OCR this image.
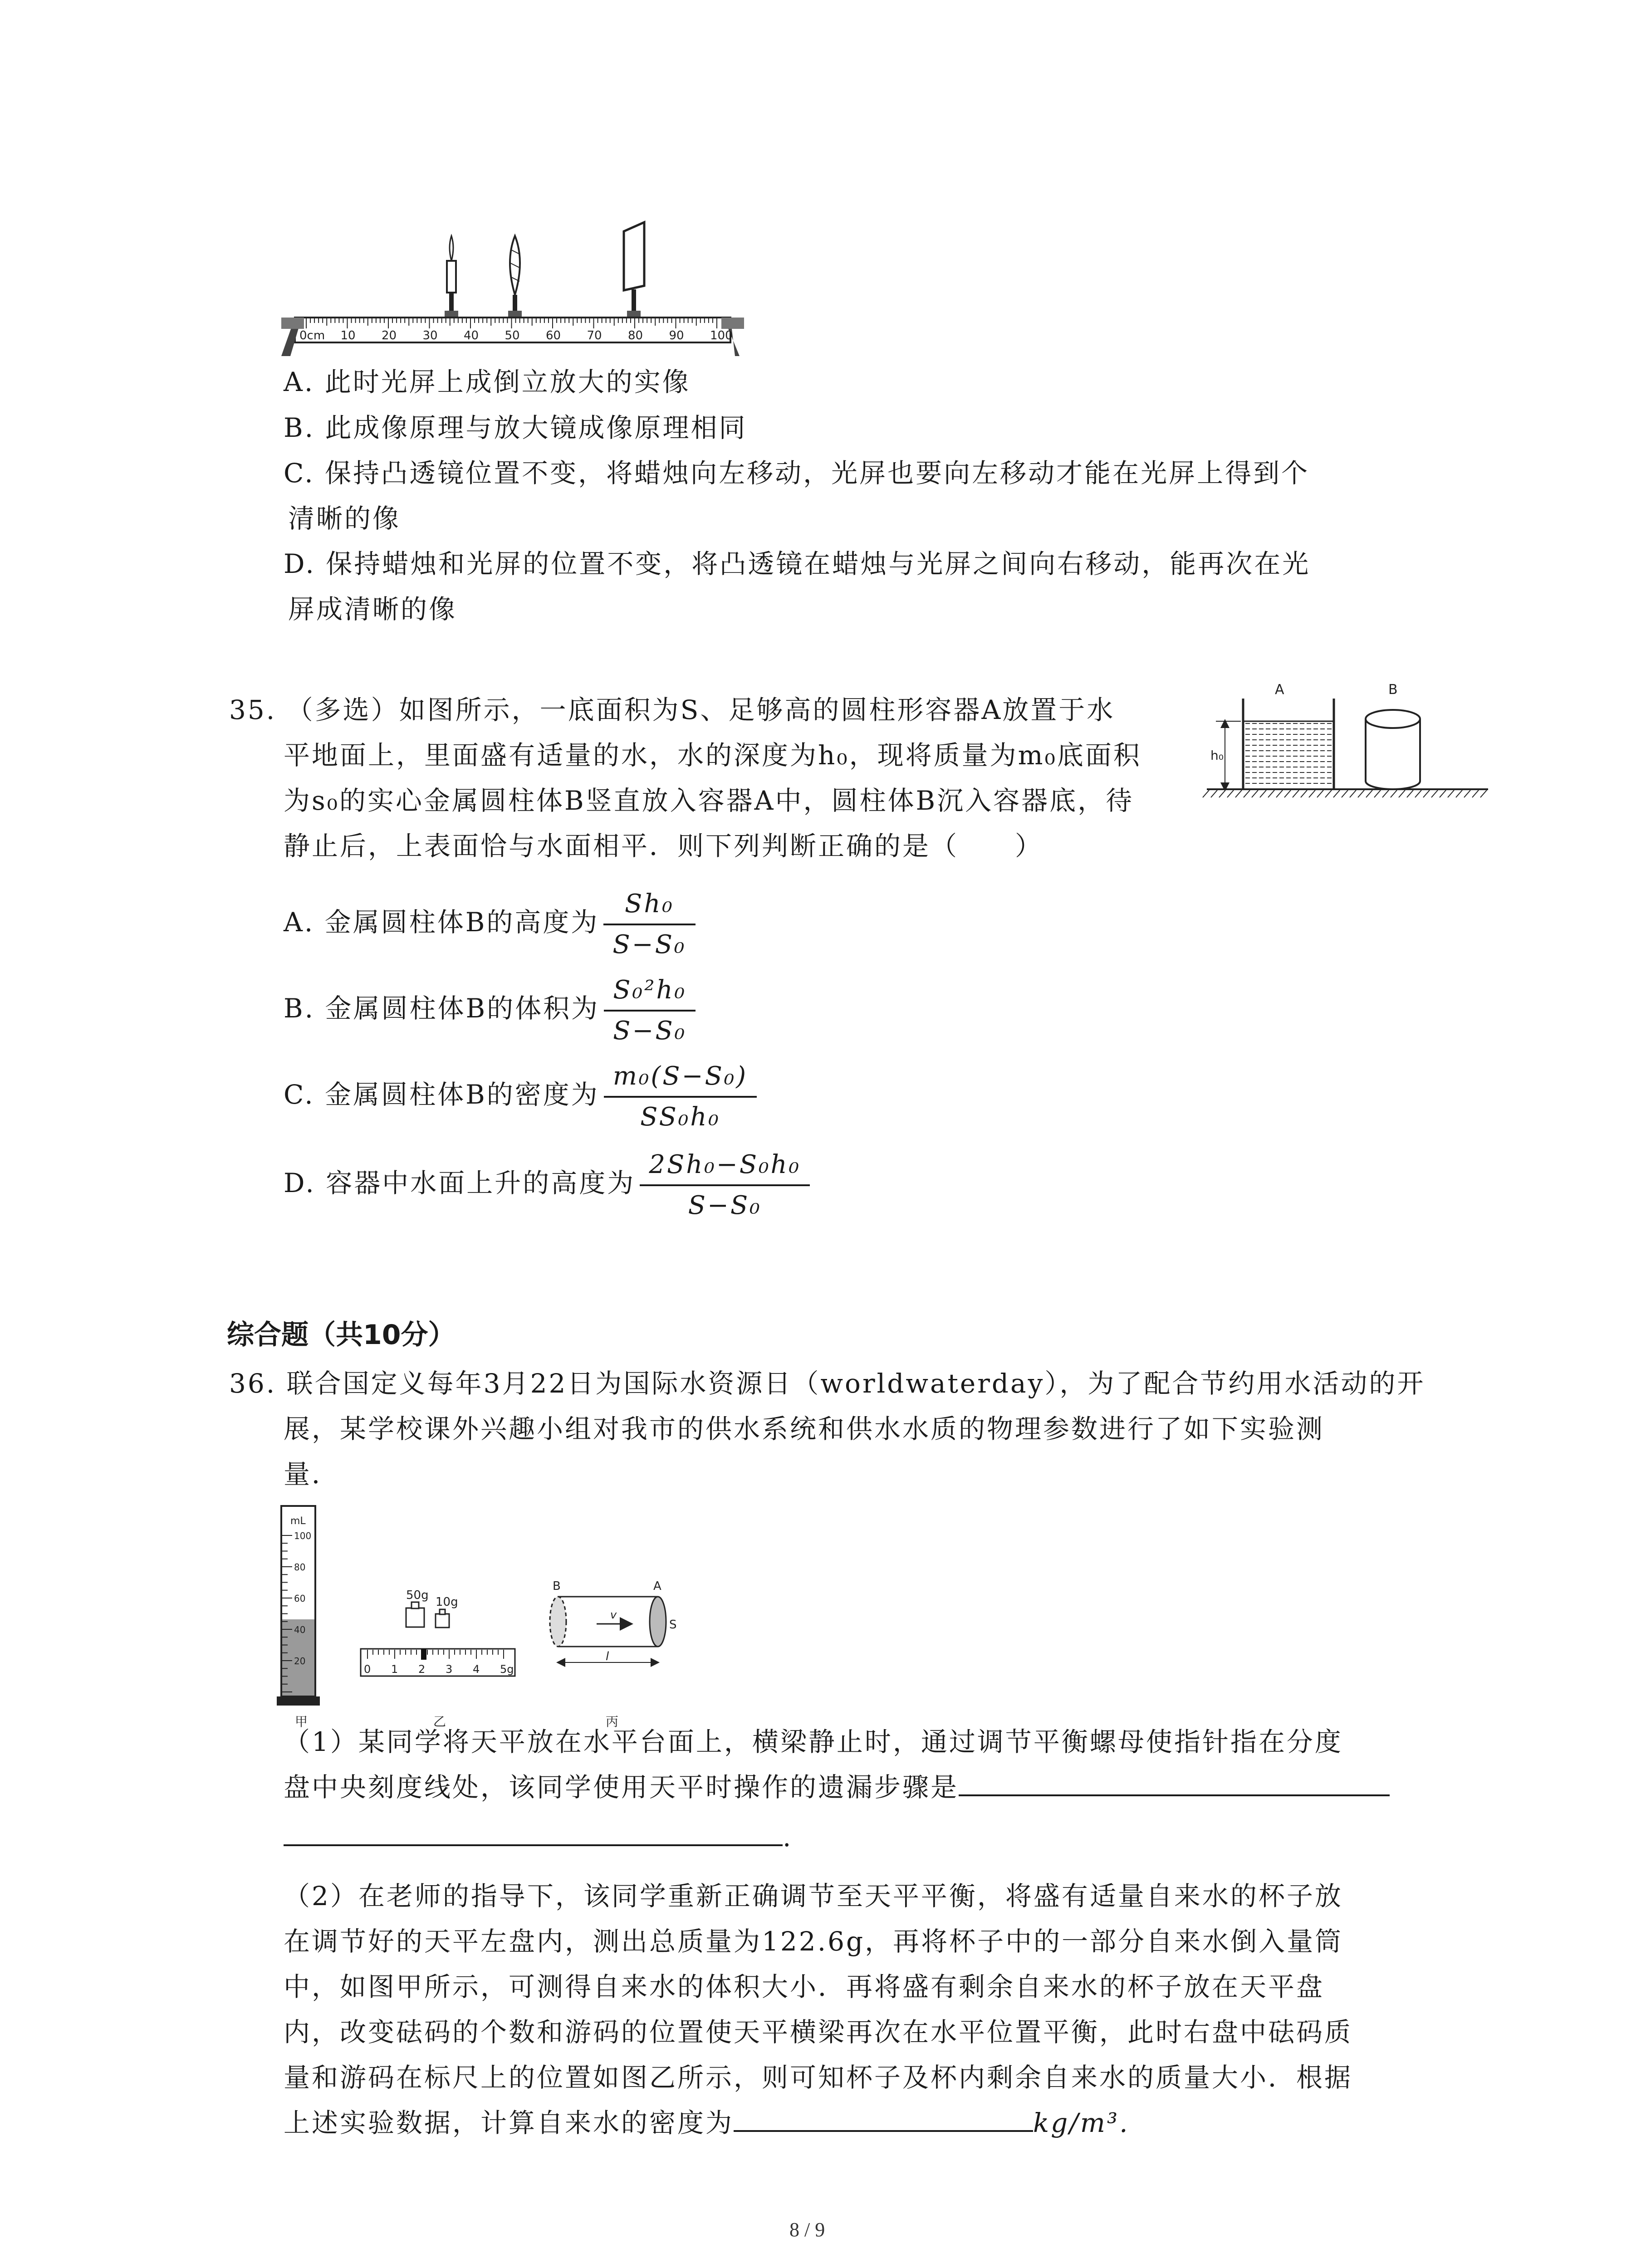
0cm 10 20 30 40 50 60 70 80 90 100
A. 此时光屏上成倒立放大的实像
B. 此成像原理与放大镜成像原理相同
C. 保持凸透镜位置不变，将蜡烛向左移动，光屏也要向左移动才能在光屏上得到个
清晰的像
D. 保持蜡烛和光屏的位置不变，将凸透镜在蜡烛与光屏之间向右移动，能再次在光
屏成清晰的像
35. （多选）如图所示，一底面积为S、足够高的圆柱形容器A放置于水
平地面上，里面盛有适量的水，水的深度为h₀，现将质量为m₀底面积
为s₀的实心金属圆柱体B竖直放入容器A中，圆柱体B沉入容器底，待
静止后，上表面恰与水面相平．则下列判断正确的是（　　）
A	B
h₀
A. 金属圆柱体B的高度为 $\frac{\text{Sh₀}}{\text{S−S₀}}$
B. 金属圆柱体B的体积为 $\frac{\text{S₀²h₀}}{\text{S−S₀}}$
C. 金属圆柱体B的密度为 $\frac{\text{m₀(S−S₀)}}{\text{SS₀h₀}}$
D. 容器中水面上升的高度为 $\frac{\text{2Sh₀−S₀h₀}}{\text{S−S₀}}$
综合题（共10分）
36. 联合国定义每年3月22日为国际水资源日（worldwaterday），为了配合节约用水活动的开
展，某学校课外兴趣小组对我市的供水系统和供水水质的物理参数进行了如下实验测
量．
mL
100
80
60
40
20
50g 10g
0 1 2 3 4 5g
B	A
S
v
l
甲	乙	丙
（1）某同学将天平放在水平台面上，横梁静止时，通过调节平衡螺母使指针指在分度
盘中央刻度线处，该同学使用天平时操作的遗漏步骤是
.
（2）在老师的指导下，该同学重新正确调节至天平平衡，将盛有适量自来水的杯子放
在调节好的天平左盘内，测出总质量为122.6g，再将杯子中的一部分自来水倒入量筒
中，如图甲所示，可测得自来水的体积大小．再将盛有剩余自来水的杯子放在天平盘
内，改变砝码的个数和游码的位置使天平横梁再次在水平位置平衡，此时右盘中砝码质
量和游码在标尺上的位置如图乙所示，则可知杯子及杯内剩余自来水的质量大小．根据
上述实验数据，计算自来水的密度为	kg/m³.
8 / 9
